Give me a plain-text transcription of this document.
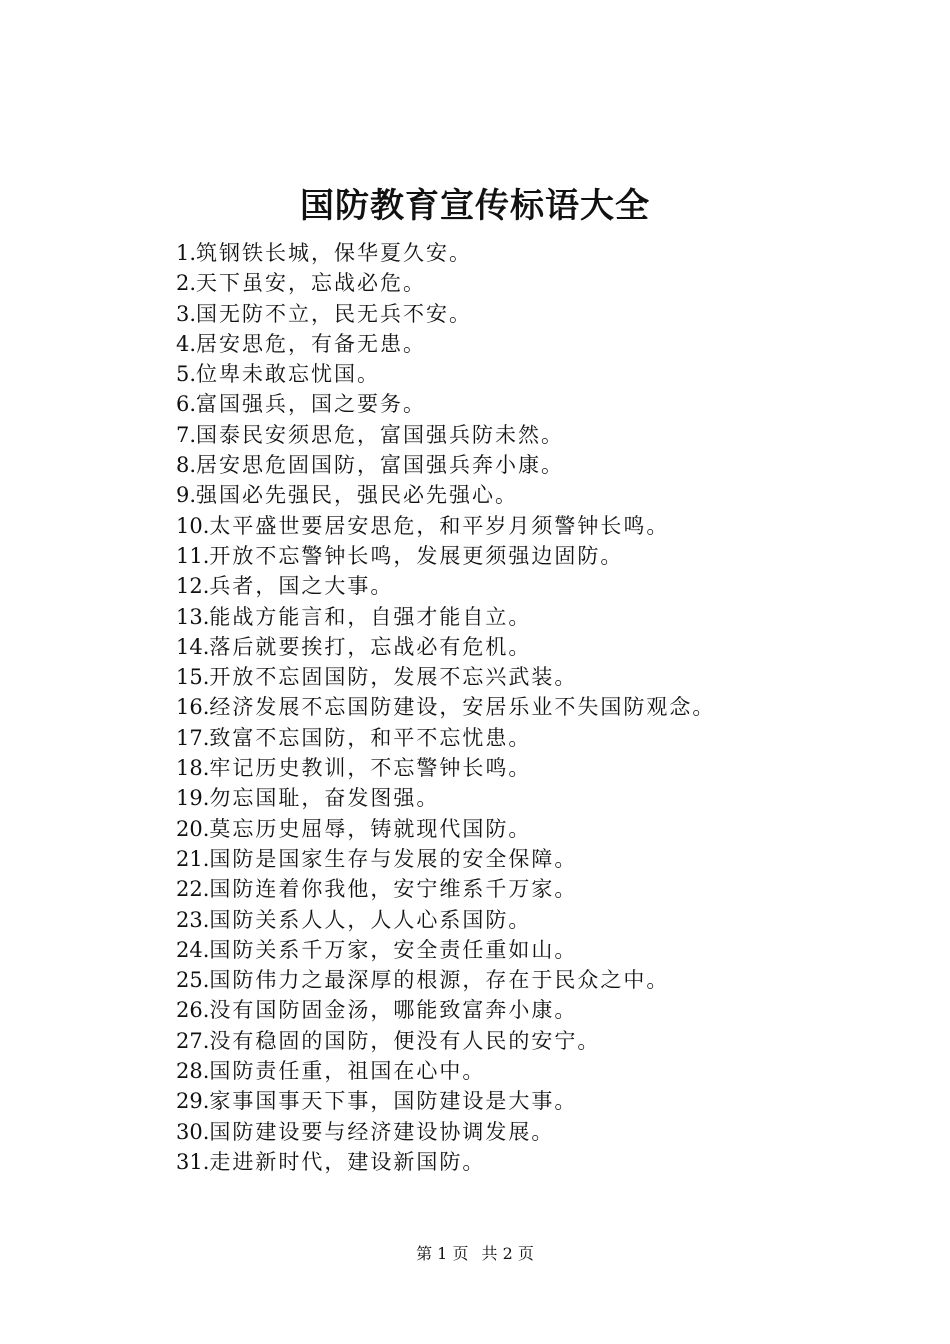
国防教育宣传标语大全
1. 筑钢铁长城，保华夏久安。
2. 天下虽安，忘战必危。
3. 国无防不立，民无兵不安。
4. 居安思危，有备无患。
5. 位卑未敢忘忧国。
6. 富国强兵，国之要务。
7. 国泰民安须思危，富国强兵防未然。
8. 居安思危固国防，富国强兵奔小康。
9. 强国必先强民，强民必先强心。
10. 太平盛世要居安思危，和平岁月须警钟长鸣。
11. 开放不忘警钟长鸣，发展更须强边固防。
12. 兵者，国之大事。
13. 能战方能言和，自强才能自立。
14. 落后就要挨打，忘战必有危机。
15. 开放不忘固国防，发展不忘兴武装。
16. 经济发展不忘国防建设，安居乐业不失国防观念。
17. 致富不忘国防，和平不忘忧患。
18. 牢记历史教训，不忘警钟长鸣。
19. 勿忘国耻，奋发图强。
20. 莫忘历史屈辱，铸就现代国防。
21. 国防是国家生存与发展的安全保障。
22. 国防连着你我他，安宁维系千万家。
23. 国防关系人人，人人心系国防。
24. 国防关系千万家，安全责任重如山。
25. 国防伟力之最深厚的根源，存在于民众之中。
26. 没有国防固金汤，哪能致富奔小康。
27. 没有稳固的国防，便没有人民的安宁。
28. 国防责任重，祖国在心中。
29. 家事国事天下事，国防建设是大事。
30. 国防建设要与经济建设协调发展。
31. 走进新时代，建设新国防。
第 1 页 共 2 页
